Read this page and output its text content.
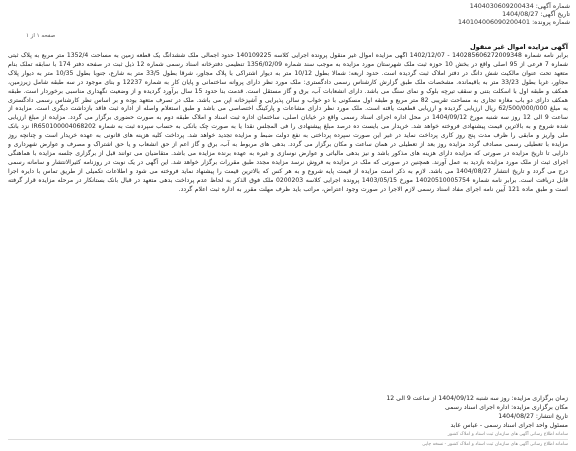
شماره آگهی: 1404030609200434
تاریخ آگهی: 1404/08/27
شماره پرونده: 140104006090200401
صفحه ۱ از ۱
آگهی مزایده اموال غیر منقول
برابر نامه شماره 140285606272009348 - 1402/12/07 آگهی مزایده اموال غیر منقول پرونده اجرایی کلاسه 140109225 حدود اجمالی ملک ششدانگ یک قطعه زمین به مساحت 1352/4 متر مربع به پلاک ثبتی شماره 7 فرعی از 95 اصلی واقع در بخش 10 حوزه ثبت ملک شهرستان مورد مزایده به موجب سند شماره 1356/02/09 تنظیمی دفترخانه اسناد رسمی شماره 12 ذیل ثبت در صفحه دفتر 174 با سابقه تملک بنام متعهد تحت عنوان مالکیت شش دانگ در دفتر املاک ثبت گردیده است. حدود اربعه: شمالا بطول 10/12 متر به دیوار اشتراکی با پلاک مجاور، شرقا بطول 33/5 متر به شارع، جنوبا بطول 10/35 متر به دیوار پلاک مجاور، غربا بطول 33/23 متر به باقیمانده. مشخصات ملک طبق گزارش کارشناس رسمی دادگستری: ملک مورد نظر دارای پروانه ساختمانی و پایان کار به شماره 12237 و بنای موجود در سه طبقه شامل زیرزمین، همکف و طبقه اول با اسکلت بتنی و سقف تیرچه بلوک و نمای سنگ می باشد. دارای انشعابات آب، برق و گاز مستقل است. قدمت بنا حدود 15 سال برآورد گردیده و از وضعیت نگهداری مناسبی برخوردار است. طبقه همکف دارای دو باب مغازه تجاری به مساحت تقریبی 82 متر مربع و طبقه اول مسکونی با دو خواب و سالن پذیرایی و آشپزخانه اپن می باشد. ملک در تصرف متعهد بوده و بر اساس نظر کارشناس رسمی دادگستری به مبلغ 62/500/000/000 ریال ارزیابی گردیده و ارزیابی قطعیت یافته است. ملک مورد نظر دارای مشاعات و پارکینگ اختصاصی می باشد و طبق استعلام واصله از اداره ثبت فاقد بازداشت دیگری است. مزایده از ساعت 9 الی 12 روز سه شنبه مورخ 1404/09/12 در محل اداره اجرای اسناد رسمی واقع در خیابان اصلی، ساختمان اداره ثبت اسناد و املاک طبقه دوم به صورت حضوری برگزار می گردد. مزایده از مبلغ ارزیابی شده شروع و به بالاترین قیمت پیشنهادی فروخته خواهد شد. خریدار می بایست ده درصد مبلغ پیشنهادی را فی المجلس نقدا یا به صورت چک بانکی به حساب سپرده ثبت به شماره IR650100004068202 نزد بانک ملی واریز و مابقی را ظرف مدت پنج روز کاری پرداخت نماید در غیر این صورت سپرده پرداختی به نفع دولت ضبط و مزایده تجدید خواهد شد. پرداخت کلیه هزینه های قانونی به عهده خریدار است و چنانچه روز مزایده با تعطیلی رسمی مصادف گردد مزایده روز بعد از تعطیلی در همان ساعت و مکان برگزار می گردد. بدهی های مربوط به آب، برق و گاز اعم از حق انشعاب و یا حق اشتراک و مصرف و عوارض شهرداری و دارایی تا تاریخ مزایده در صورتی که مزایده دارای هزینه های مذکور باشد و نیز بدهی مالیاتی و عوارض نوسازی و غیره به عهده برنده مزایده می باشد. متقاضیان می توانند قبل از برگزاری جلسه مزایده با هماهنگی اجرای ثبت از ملک مورد مزایده بازدید به عمل آورند. همچنین در صورتی که ملک در مزایده به فروش نرسد مزایده مجدد طبق مقررات برگزار خواهد شد. این آگهی در یک نوبت در روزنامه کثیرالانتشار و سامانه رسمی درج می گردد و تاریخ انتشار 1404/08/27 می باشد. لازم به ذکر است مزایده از قیمت پایه شروع و به هر کس که بالاترین قیمت را پیشنهاد نماید فروخته می شود و اطلاعات تکمیلی از طریق تماس با دایره اجرا قابل دریافت است. برابر نامه شماره 14020510005754 مورخ 1403/05/15 پرونده اجرایی کلاسه 0200203 ملک فوق الذکر به لحاظ عدم پرداخت بدهی متعهد در قبال بانک بستانکار در مرحله مزایده قرار گرفته است و طبق ماده 121 آیین نامه اجرای مفاد اسناد رسمی لازم الاجرا در صورت وجود اعتراض، مراتب باید ظرف مهلت مقرر به اداره ثبت اعلام گردد.
زمان برگزاری مزایده: روز سه شنبه 1404/09/12 از ساعت 9 الی 12
مکان برگزاری مزایده: اداره اجرای اسناد رسمی
تاریخ انتشار: 1404/08/27
مسئول واحد اجرای اسناد رسمی - عباس عابد
سامانه اطلاع رسانی آگهی های سازمان ثبت اسناد و املاک کشور
سامانه اطلاع رسانی آگهی های سازمان ثبت اسناد و املاک کشور - نسخه چاپی
